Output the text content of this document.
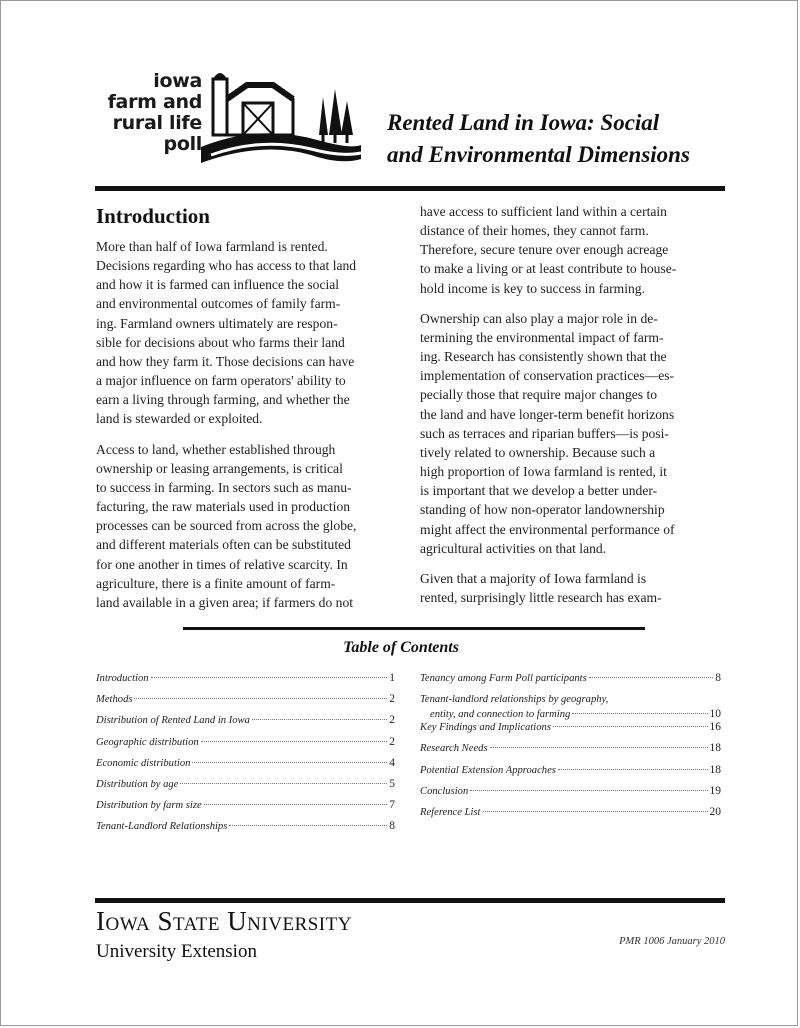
iowa
farm and
rural life
poll
Rented Land in Iowa: Social
and Environmental Dimensions
Introduction

More than half of Iowa farmland is rented.
Decisions regarding who has access to that land
and how it is farmed can influence the social
and environmental outcomes of family farm-
ing. Farmland owners ultimately are respon-
sible for decisions about who farms their land
and how they farm it. Those decisions can have
a major influence on farm operators' ability to
earn a living through farming, and whether the
land is stewarded or exploited.

Access to land, whether established through
ownership or leasing arrangements, is critical
to success in farming. In sectors such as manu-
facturing, the raw materials used in production
processes can be sourced from across the globe,
and different materials often can be substituted
for one another in times of relative scarcity. In
agriculture, there is a finite amount of farm-
land available in a given area; if farmers do not

have access to sufficient land within a certain
distance of their homes, they cannot farm.
Therefore, secure tenure over enough acreage
to make a living or at least contribute to house-
hold income is key to success in farming.

Ownership can also play a major role in de-
termining the environmental impact of farm-
ing. Research has consistently shown that the
implementation of conservation practices—es-
pecially those that require major changes to
the land and have longer-term benefit horizons
such as terraces and riparian buffers—is posi-
tively related to ownership. Because such a
high proportion of Iowa farmland is rented, it
is important that we develop a better under-
standing of how non-operator landownership
might affect the environmental performance of
agricultural activities on that land.

Given that a majority of Iowa farmland is
rented, surprisingly little research has exam-

Table of Contents
Introduction	1
Methods	2
Distribution of Rented Land in Iowa	2
Geographic distribution	2
Economic distribution	4
Distribution by age	5
Distribution by farm size	7
Tenant-Landlord Relationships	8
Tenancy among Farm Poll participants	8
Tenant-landlord relationships by geography,
entity, and connection to farming	10
Key Findings and Implications	16
Research Needs	18
Potential Extension Approaches	18
Conclusion	19
Reference List	20
Iowa State University
University Extension	PMR 1006 January 2010
